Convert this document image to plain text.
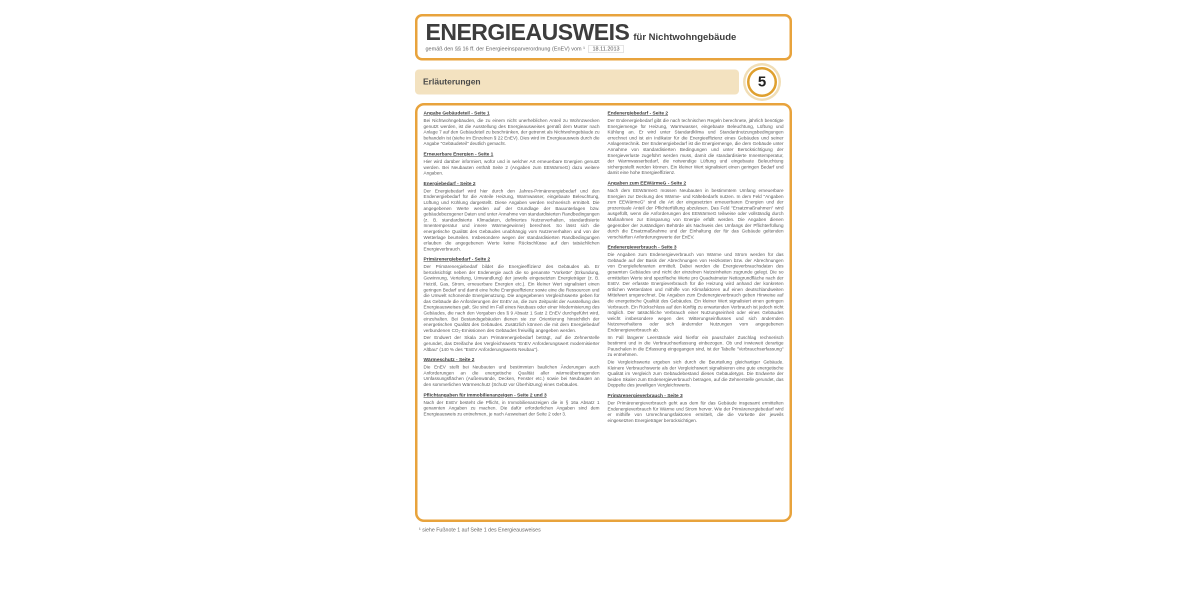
ENERGIEAUSWEIS für Nichtwohngebäude
gemäß den §§ 16 ff. der Energieeinsparverordnung (EnEV) vom ¹ 18.11.2013
Erläuterungen	5
Angabe Gebäudeteil - Seite 1

Bei Nichtwohngebäuden, die zu einem nicht unerheblichen Anteil zu Wohnzwecken genutzt werden, ist die Ausstellung des Energieausweises gemäß dem Muster nach Anlage 7 auf den Gebäudeteil zu beschränken, der getrennt als Nichtwohngebäude zu behandeln ist (siehe im Einzelnen § 22 EnEV). Dies wird im Energieausweis durch die Angabe "Gebäudeteil" deutlich gemacht.

Erneuerbare Energien - Seite 1

Hier wird darüber informiert, wofür und in welcher Art erneuerbare Energien genutzt werden. Bei Neubauten enthält Seite 2 (Angaben zum EEWärmeG) dazu weitere Angaben.

Energiebedarf - Seite 2

Der Energiebedarf wird hier durch den Jahres-Primärenergiebedarf und den Endenergiebedarf für die Anteile Heizung, Warmwasser, eingebaute Beleuchtung, Lüftung und Kühlung dargestellt. Diese Angaben werden rechnerisch ermittelt. Die angegebenen Werte werden auf der Grundlage der Bauunterlagen bzw. gebäudebezogener Daten und unter Annahme von standardisierten Randbedingungen (z. B. standardisierte Klimadaten, definiertes Nutzerverhalten, standardisierte Innentemperatur und innere Wärmegewinne) berechnet. So lässt sich die energetische Qualität des Gebäudes unabhängig vom Nutzerverhalten und von der Wetterlage beurteilen. Insbesondere wegen der standardisierten Randbedingungen erlauben die angegebenen Werte keine Rückschlüsse auf den tatsächlichen Energieverbrauch.

Primärenergiebedarf - Seite 2

Der Primärenergiebedarf bildet die Energieeffizienz des Gebäudes ab. Er berücksichtigt neben der Endenergie auch die so genannte "Vorkette" (Erkundung, Gewinnung, Verteilung, Umwandlung) der jeweils eingesetzten Energieträger (z. B. Heizöl, Gas, Strom, erneuerbare Energien etc.). Ein kleiner Wert signalisiert einen geringen Bedarf und damit eine hohe Energieeffizienz sowie eine die Ressourcen und die Umwelt schonende Energienutzung. Die angegebenen Vergleichswerte geben für das Gebäude die Anforderungen der EnEV an, die zum Zeitpunkt der Ausstellung des Energieausweises galt. Sie sind im Fall eines Neubaus oder einer Modernisierung des Gebäudes, die nach den Vorgaben des § 9 Absatz 1 Satz 2 EnEV durchgeführt wird, einzuhalten. Bei Bestandsgebäuden dienen sie zur Orientierung hinsichtlich der energetischen Qualität des Gebäudes. Zusätzlich können die mit dem Energiebedarf verbundenen CO₂-Emissionen des Gebäudes freiwillig angegeben werden.

Der Endwert der Skala zum Primärenergiebedarf beträgt, auf die Zehnerstelle gerundet, das Dreifache des Vergleichswerts "EnEV Anforderungswert modernisierter Altbau" (140 % des "EnEV Anforderungswerts Neubau").

Wärmeschutz - Seite 2

Die EnEV stellt bei Neubauten und bestimmten baulichen Änderungen auch Anforderungen an die energetische Qualität aller wärmeübertragenden Umfassungsflächen (Außenwände, Decken, Fenster etc.) sowie bei Neubauten an den sommerlichen Wärmeschutz (Schutz vor Überhitzung) eines Gebäudes.

Pflichtangaben für Immobilienanzeigen - Seite 2 und 3

Nach der EnEV besteht die Pflicht, in Immobilienanzeigen die in § 16a Absatz 1 genannten Angaben zu machen. Die dafür erforderlichen Angaben sind dem Energieausweis zu entnehmen, je nach Ausweisart der Seite 2 oder 3.

Endenergiebedarf - Seite 2

Der Endenergiebedarf gibt die nach technischen Regeln berechnete, jährlich benötigte Energiemenge für Heizung, Warmwasser, eingebaute Beleuchtung, Lüftung und Kühlung an. Er wird unter Standardklima und Standardnutzungsbedingungen errechnet und ist ein Indikator für die Energieeffizienz eines Gebäudes und seiner Anlagentechnik. Der Endenergiebedarf ist die Energiemenge, die dem Gebäude unter Annahme von standardisierten Bedingungen und unter Berücksichtigung der Energieverluste zugeführt werden muss, damit die standardisierte Innentemperatur, der Warmwasserbedarf, die notwendige Lüftung und eingebaute Beleuchtung sichergestellt werden können. Ein kleiner Wert signalisiert einen geringen Bedarf und damit eine hohe Energieeffizienz.

Angaben zum EEWärmeG - Seite 2

Nach dem EEWärmeG müssen Neubauten in bestimmtem Umfang erneuerbare Energien zur Deckung des Wärme- und Kältebedarfs nutzen. In dem Feld "Angaben zum EEWärmeG" sind die Art der eingesetzten erneuerbaren Energien und der prozentuale Anteil der Pflichterfüllung abzulesen. Das Feld "Ersatzmaßnahmen" wird ausgefüllt, wenn die Anforderungen des EEWärmeG teilweise oder vollständig durch Maßnahmen zur Einsparung von Energie erfüllt werden. Die Angaben dienen gegenüber der zuständigen Behörde als Nachweis des Umfangs der Pflichterfüllung durch die Ersatzmaßnahme und der Einhaltung der für das Gebäude geltenden verschärften Anforderungswerte der EnEV.

Endenergieverbrauch - Seite 3

Die Angaben zum Endenergieverbrauch von Wärme und Strom werden für das Gebäude auf der Basis der Abrechnungen von Heizkosten bzw. der Abrechnungen von Energielieferanten ermittelt. Dabei werden die Energieverbrauchsdaten des gesamten Gebäudes und nicht der einzelnen Nutzeinheiten zugrunde gelegt. Die so ermittelten Werte sind spezifische Werte pro Quadratmeter Nettogrundfläche nach der EnEV. Der erfasste Energieverbrauch für die Heizung wird anhand der konkreten örtlichen Wetterdaten und mithilfe von Klimafaktoren auf einen deutschlandweiten Mittelwert umgerechnet. Die Angaben zum Endenergieverbrauch geben Hinweise auf die energetische Qualität des Gebäudes. Ein kleiner Wert signalisiert einen geringen Verbrauch. Ein Rückschluss auf den künftig zu erwartenden Verbrauch ist jedoch nicht möglich. Der tatsächliche Verbrauch einer Nutzungseinheit oder eines Gebäudes weicht insbesondere wegen des Witterungseinflusses und sich ändernden Nutzerverhaltens oder sich ändernder Nutzungen vom angegebenen Endenergieverbrauch ab.

Im Fall längerer Leerstände wird hierfür ein pauschaler Zuschlag rechnerisch bestimmt und in die Verbrauchserfassung einbezogen. Ob und inwieweit derartige Pauschalen in die Erfassung eingegangen sind, ist der Tabelle "Verbrauchserfassung" zu entnehmen.

Die Vergleichswerte ergeben sich durch die Beurteilung gleichartiger Gebäude. Kleinere Verbrauchswerte als der Vergleichswert signalisieren eine gute energetische Qualität im Vergleich zum Gebäudebestand dieses Gebäudetyps. Die Endwerte der beiden Skalen zum Endenergieverbrauch betragen, auf die Zehnerstelle gerundet, das Doppelte des jeweiligen Vergleichswerts.

Primärenergieverbrauch - Seite 3

Der Primärenergieverbrauch geht aus dem für das Gebäude insgesamt ermittelten Endenergieverbrauch für Wärme und Strom hervor. Wie der Primärenergiebedarf wird er mithilfe von Umrechnungsfaktoren ermittelt, die die Vorkette der jeweils eingesetzten Energieträger berücksichtigen.

¹ siehe Fußnote 1 auf Seite 1 des Energieausweises
